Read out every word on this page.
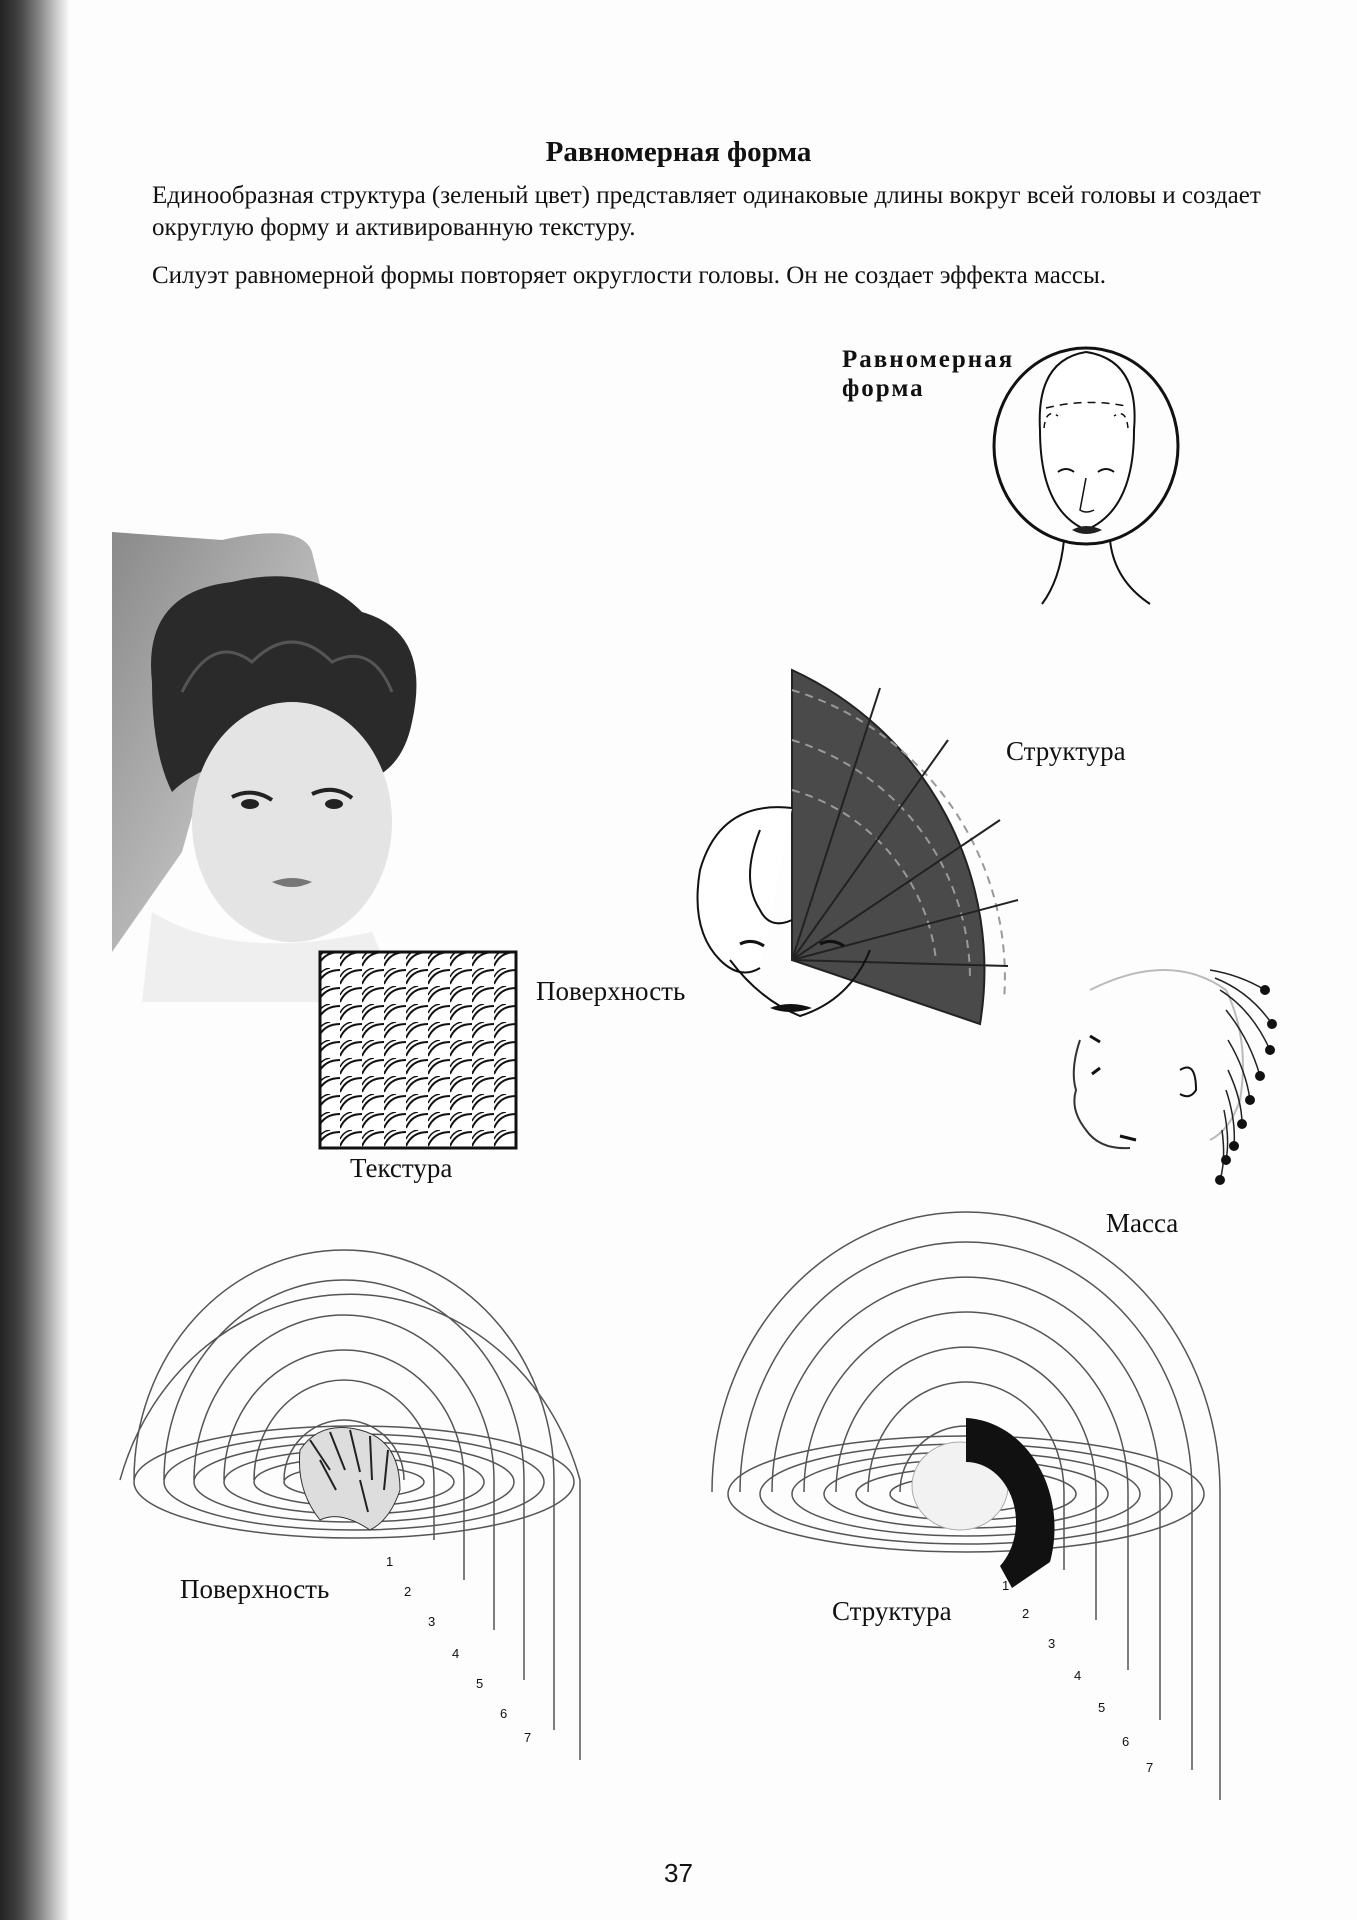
Равномерная форма
Единообразная структура (зеленый цвет) представляет одинаковые длины вокруг всей головы и создает округлую форму и активированную текстуру.
Силуэт равномерной формы повторяет округлости головы. Он не создает эффекта массы.
Равномерная
форма
Структура
Поверхность
Текстура
Масса
Поверхность
1
2
3
4
5
6
7
Структура
1
2
3
4
5
6
7
37
